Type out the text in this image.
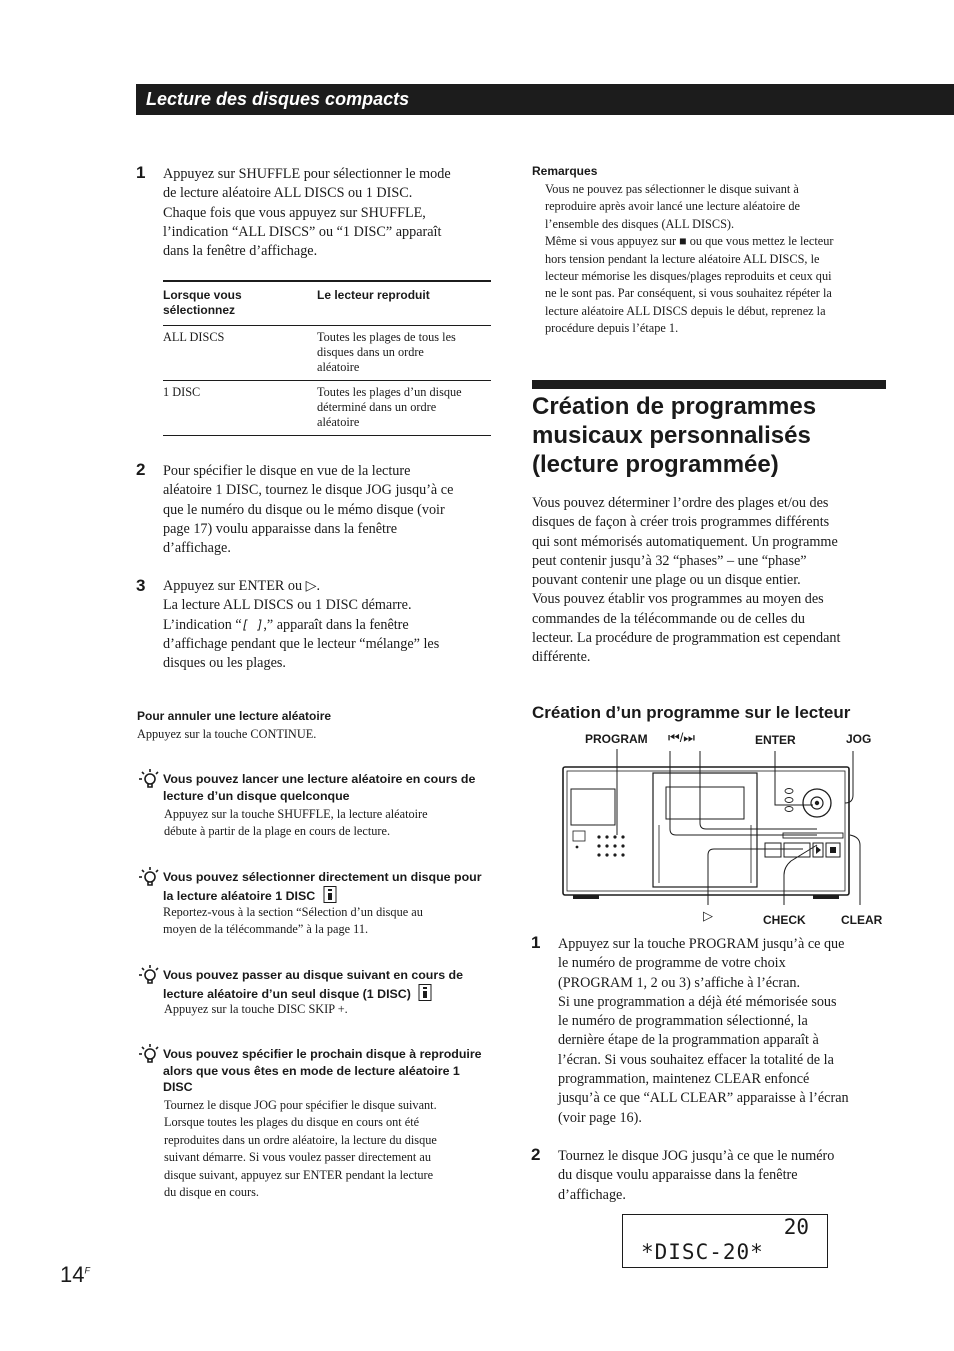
Lecture des disques compacts
1 Appuyez sur SHUFFLE pour sélectionner le mode
de lecture aléatoire ALL DISCS ou 1 DISC.
Chaque fois que vous appuyez sur SHUFFLE,
l’indication “ALL DISCS” ou “1 DISC” apparaît
dans la fenêtre d’affichage.
Lorsque vous
sélectionnez	Le lecteur reproduit
ALL DISCS	Toutes les plages de tous les
disques dans un ordre
aléatoire
1 DISC	Toutes les plages d’un disque
déterminé dans un ordre
aléatoire
2 Pour spécifier le disque en vue de la lecture
aléatoire 1 DISC, tournez le disque JOG jusqu’à ce
que le numéro du disque ou le mémo disque (voir
page 17) voulu apparaisse dans la fenêtre
d’affichage.
3 Appuyez sur ENTER ou ▷.
La lecture ALL DISCS ou 1 DISC démarre.
L’indication “[ ],” apparaît dans la fenêtre
d’affichage pendant que le lecteur “mélange” les
disques ou les plages.
Pour annuler une lecture aléatoire
Appuyez sur la touche CONTINUE.
Vous pouvez lancer une lecture aléatoire en cours de
lecture d’un disque quelconque
Appuyez sur la touche SHUFFLE, la lecture aléatoire
débute à partir de la plage en cours de lecture.
Vous pouvez sélectionner directement un disque pour
la lecture aléatoire 1 DISC
Reportez-vous à la section “Sélection d’un disque au
moyen de la télécommande” à la page 11.
Vous pouvez passer au disque suivant en cours de
lecture aléatoire d’un seul disque (1 DISC)
Appuyez sur la touche DISC SKIP +.
Vous pouvez spécifier le prochain disque à reproduire
alors que vous êtes en mode de lecture aléatoire 1
DISC
Tournez le disque JOG pour spécifier le disque suivant.
Lorsque toutes les plages du disque en cours ont été
reproduites dans un ordre aléatoire, la lecture du disque
suivant démarre. Si vous voulez passer directement au
disque suivant, appuyez sur ENTER pendant la lecture
du disque en cours.
Remarques
Vous ne pouvez pas sélectionner le disque suivant à
reproduire après avoir lancé une lecture aléatoire de
l’ensemble des disques (ALL DISCS).
Même si vous appuyez sur ■ ou que vous mettez le lecteur
hors tension pendant la lecture aléatoire ALL DISCS, le
lecteur mémorise les disques/plages reproduits et ceux qui
ne le sont pas. Par conséquent, si vous souhaitez répéter la
lecture aléatoire ALL DISCS depuis le début, reprenez la
procédure depuis l’étape 1.
Création de programmes
musicaux personnalisés
(lecture programmée)
Vous pouvez déterminer l’ordre des plages et/ou des
disques de façon à créer trois programmes différents
qui sont mémorisés automatiquement. Un programme
peut contenir jusqu’à 32 “phases” – une “phase”
pouvant contenir une plage ou un disque entier.
Vous pouvez établir vos programmes au moyen des
commandes de la télécommande ou de celles du
lecteur. La procédure de programmation est cependant
différente.
Création d’un programme sur le lecteur
PROGRAM ⏮/⏭	ENTER	JOG
▷	CHECK	CLEAR
1 Appuyez sur la touche PROGRAM jusqu’à ce que
le numéro de programme de votre choix
(PROGRAM 1, 2 ou 3) s’affiche à l’écran.
Si une programmation a déjà été mémorisée sous
le numéro de programmation sélectionné, la
dernière étape de la programmation apparaît à
l’écran. Si vous souhaitez effacer la totalité de la
programmation, maintenez CLEAR enfoncé
jusqu’à ce que “ALL CLEAR” apparaisse à l’écran
(voir page 16).
2 Tournez le disque JOG jusqu’à ce que le numéro
du disque voulu apparaisse dans la fenêtre
d’affichage.
20
*DISC-20*
$14^F$
